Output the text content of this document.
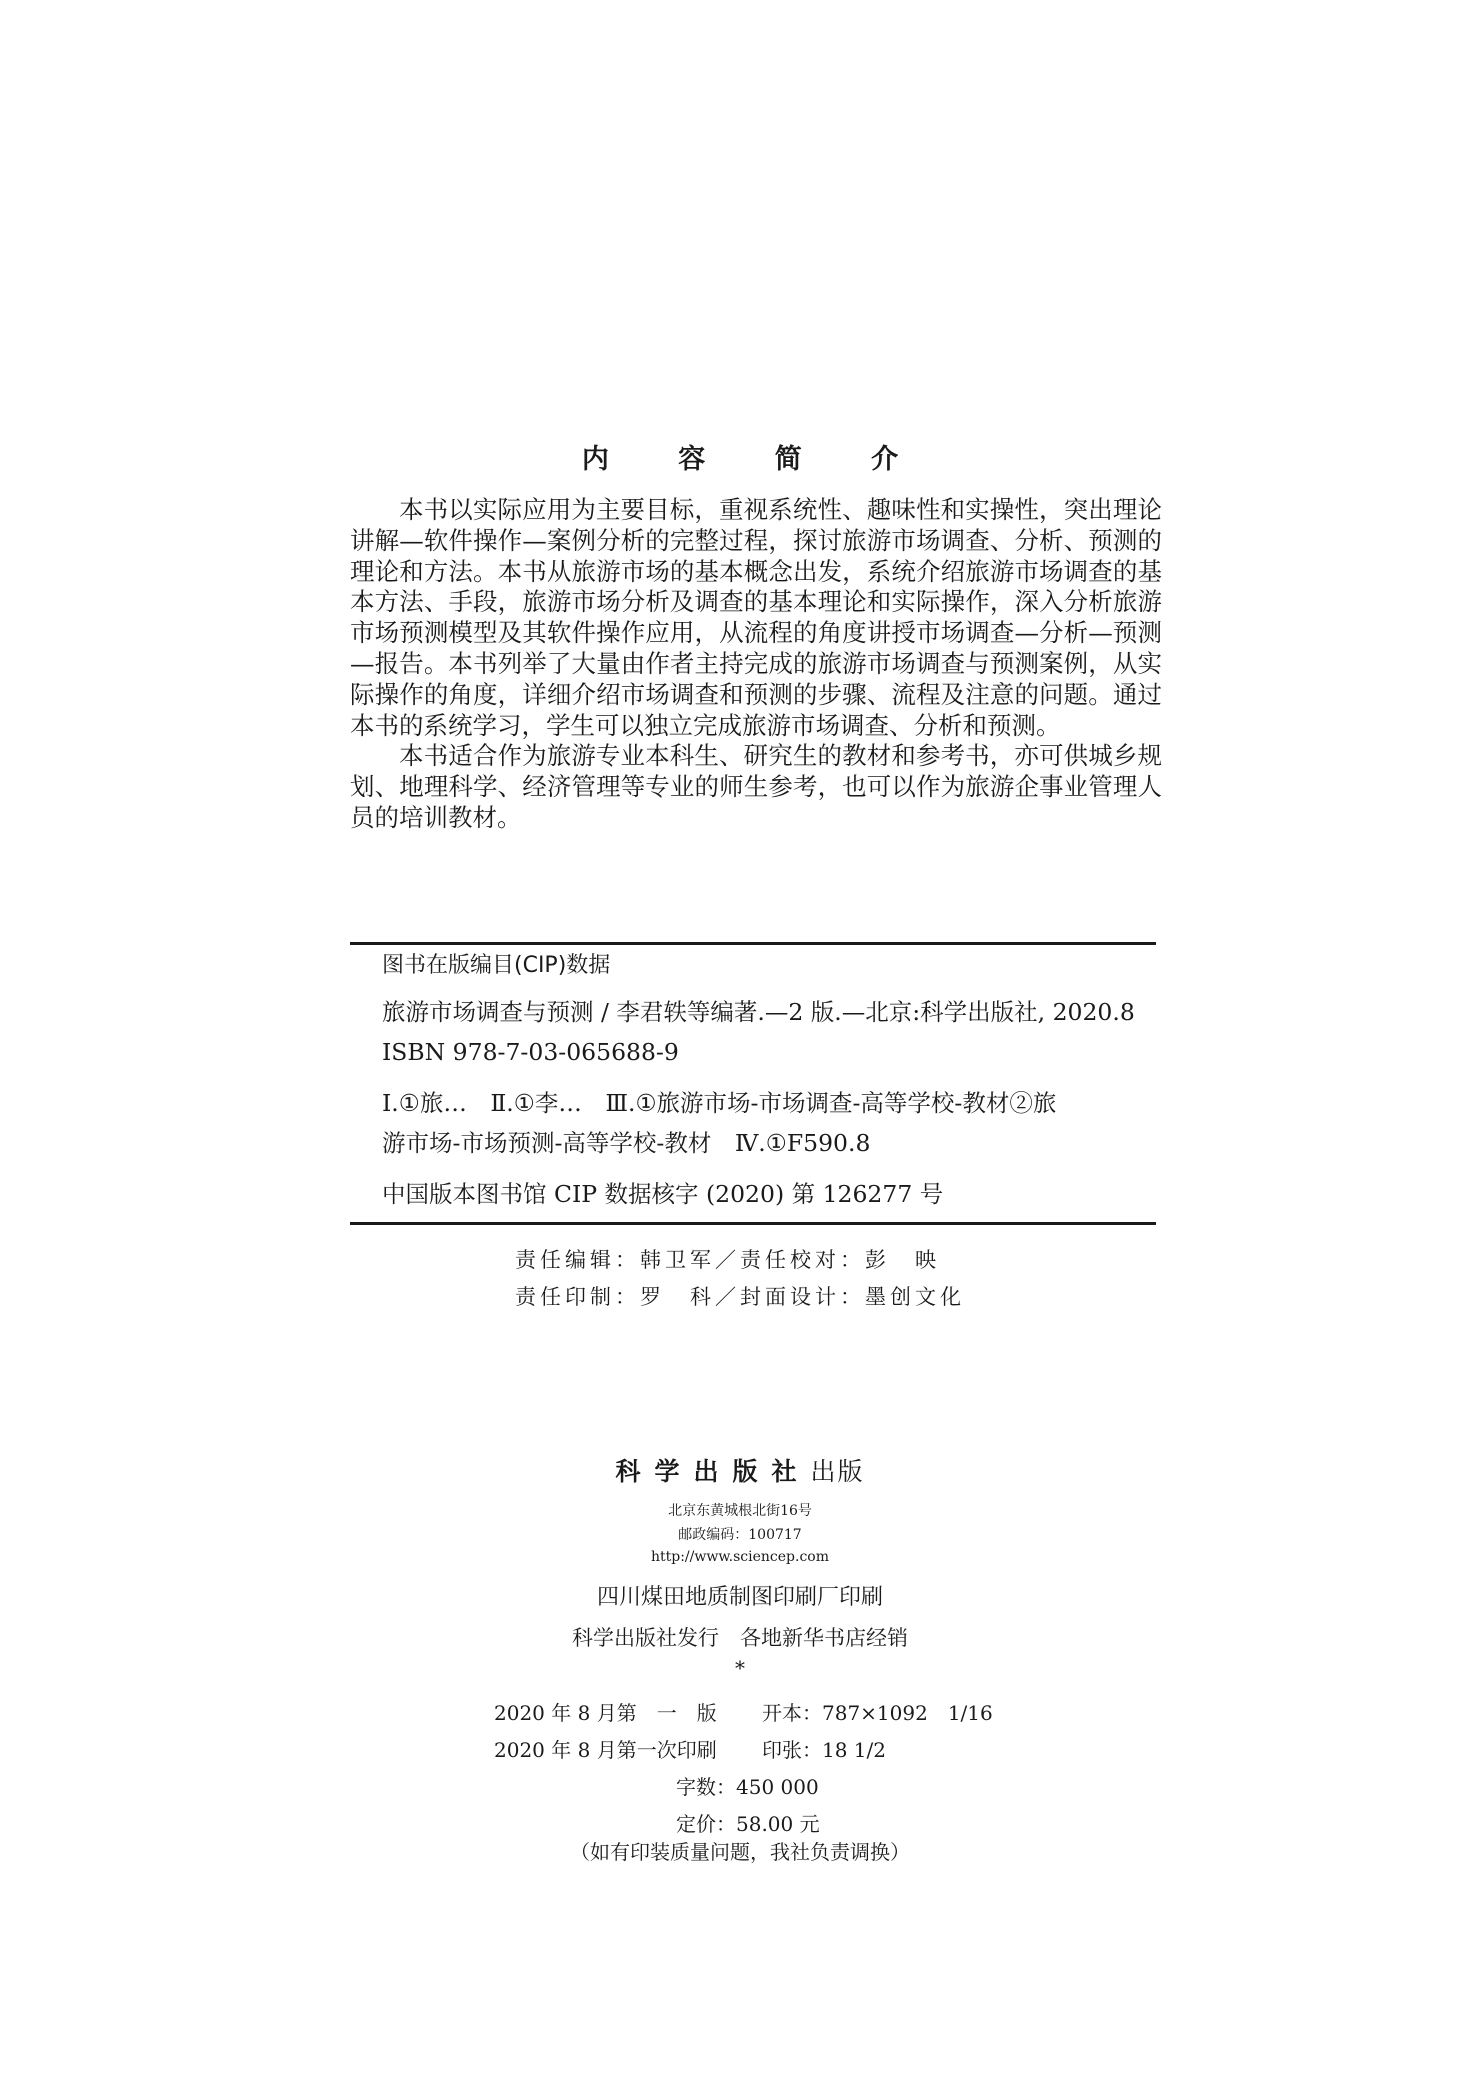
内 容 简 介

本书以实际应用为主要目标，重视系统性、趣味性和实操性，突出理论讲解—软件操作—案例分析的完整过程，探讨旅游市场调查、分析、预测的理论和方法。本书从旅游市场的基本概念出发，系统介绍旅游市场调查的基本方法、手段，旅游市场分析及调查的基本理论和实际操作，深入分析旅游市场预测模型及其软件操作应用，从流程的角度讲授市场调查—分析—预测—报告。本书列举了大量由作者主持完成的旅游市场调查与预测案例，从实际操作的角度，详细介绍市场调查和预测的步骤、流程及注意的问题。通过本书的系统学习，学生可以独立完成旅游市场调查、分析和预测。

本书适合作为旅游专业本科生、研究生的教材和参考书，亦可供城乡规划、地理科学、经济管理等专业的师生参考，也可以作为旅游企事业管理人员的培训教材。

图书在版编目(CIP)数据
旅游市场调查与预测 / 李君轶等编著.—2 版.—北京:科学出版社, 2020.8
ISBN 978-7-03-065688-9
Ⅰ.①旅…　Ⅱ.①李…　Ⅲ.①旅游市场-市场调查-高等学校-教材②旅
游市场-市场预测-高等学校-教材　Ⅳ.①F590.8
中国版本图书馆 CIP 数据核字 (2020) 第 126277 号
责任编辑：韩卫军／责任校对：彭　映
责任印制：罗　科／封面设计：墨创文化
科学出版社出版
北京东黄城根北街16号
邮政编码：100717
http://www.sciencep.com
四川煤田地质制图印刷厂印刷
科学出版社发行　各地新华书店经销
*
2020 年 8 月第　一　版 开本：787×1092　1/16
2020 年 8 月第一次印刷 印张：18 1/2
字数：450 000
定价：58.00 元
（如有印装质量问题，我社负责调换）
